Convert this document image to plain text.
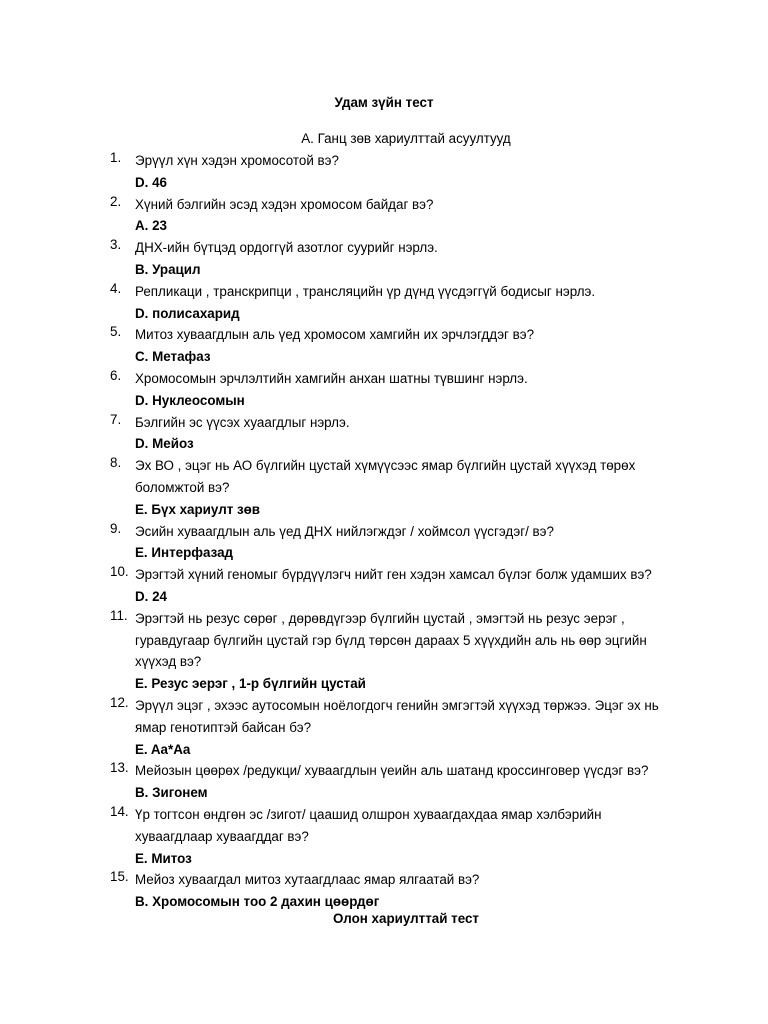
Удам зүйн тест
А. Ганц зөв хариулттай асуултууд
1. Эрүүл хүн хэдэн хромосотой вэ?
D. 46
2. Хүний бэлгийн эсэд хэдэн хромосом байдаг вэ?
A. 23
3. ДНХ-ийн бүтцэд ордоггүй азотлог суурийг нэрлэ.
B. Урацил
4. Репликаци , транскрипци , трансляцийн үр дүнд үүсдэггүй бодисыг нэрлэ.
D. полисахарид
5. Митоз хуваагдлын аль үед хромосом хамгийн их эрчлэгддэг вэ?
C. Метафаз
6. Хромосомын эрчлэлтийн хамгийн анхан шатны түвшинг нэрлэ.
D. Нуклеосомын
7. Бэлгийн эс үүсэх хуаагдлыг нэрлэ.
D. Мейоз
8. Эх ВО , эцэг нь АО бүлгийн цустай хүмүүсээс ямар бүлгийн цустай хүүхэд төрөх боломжтой вэ?
E. Бүх хариулт зөв
9. Эсийн хуваагдлын аль үед ДНХ нийлэгждэг / хоймсол үүсгэдэг/ вэ?
E. Интерфазад
10. Эрэгтэй хүний геномыг бүрдүүлэгч нийт ген хэдэн хамсал бүлэг болж удамших вэ?
D. 24
11. Эрэгтэй нь резус сөрөг , дөрөвдүгээр бүлгийн цустай , эмэгтэй нь резус эерэг , гуравдугаар бүлгийн цустай гэр бүлд төрсөн дараах 5 хүүхдийн аль нь өөр эцгийн хүүхэд вэ?
E. Резус эерэг , 1-р бүлгийн цустай
12. Эрүүл эцэг , эхээс аутосомын ноёлогдогч генийн эмгэгтэй хүүхэд төржээ. Эцэг эх нь ямар генотиптэй байсан бэ?
E. Aa*Aa
13. Мейозын цөөрөх /редукци/ хуваагдлын үеийн аль шатанд кроссинговер үүсдэг вэ?
B. Зигонем
14. Үр тогтсон өндгөн эс /зигот/ цаашид олшрон хуваагдахдаа ямар хэлбэрийн хуваагдлаар хуваагддаг вэ?
E. Митоз
15. Мейоз хуваагдал митоз хутаагдлаас ямар ялгаатай вэ?
B. Хромосомын тоо 2 дахин цөөрдөг
Олон хариулттай тест
